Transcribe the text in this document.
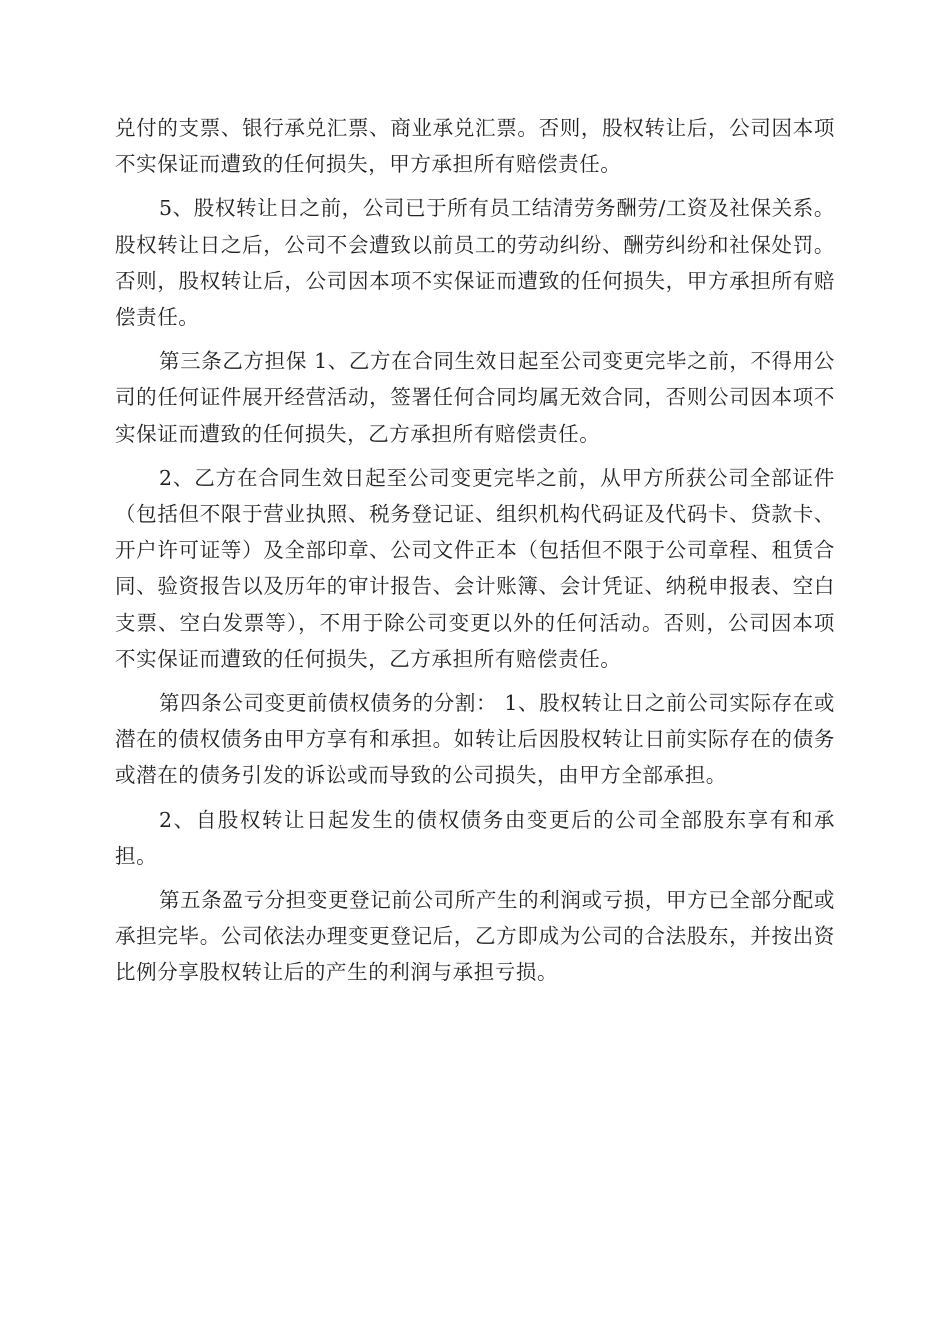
兑付的支票、银行承兑汇票、商业承兑汇票。否则，股权转让后，公司因本项不实保证而遭致的任何损失，甲方承担所有赔偿责任。

5、股权转让日之前，公司已于所有员工结清劳务酬劳/工资及社保关系。股权转让日之后，公司不会遭致以前员工的劳动纠纷、酬劳纠纷和社保处罚。否则，股权转让后，公司因本项不实保证而遭致的任何损失，甲方承担所有赔偿责任。

第三条乙方担保 1、乙方在合同生效日起至公司变更完毕之前，不得用公司的任何证件展开经营活动，签署任何合同均属无效合同，否则公司因本项不实保证而遭致的任何损失，乙方承担所有赔偿责任。

2、乙方在合同生效日起至公司变更完毕之前，从甲方所获公司全部证件（包括但不限于营业执照、税务登记证、组织机构代码证及代码卡、贷款卡、开户许可证等）及全部印章、公司文件正本（包括但不限于公司章程、租赁合同、验资报告以及历年的审计报告、会计账簿、会计凭证、纳税申报表、空白支票、空白发票等），不用于除公司变更以外的任何活动。否则，公司因本项不实保证而遭致的任何损失，乙方承担所有赔偿责任。

第四条公司变更前债权债务的分割： 1、股权转让日之前公司实际存在或潜在的债权债务由甲方享有和承担。如转让后因股权转让日前实际存在的债务或潜在的债务引发的诉讼或而导致的公司损失，由甲方全部承担。

2、自股权转让日起发生的债权债务由变更后的公司全部股东享有和承担。

第五条盈亏分担变更登记前公司所产生的利润或亏损，甲方已全部分配或承担完毕。公司依法办理变更登记后，乙方即成为公司的合法股东，并按出资比例分享股权转让后的产生的利润与承担亏损。
